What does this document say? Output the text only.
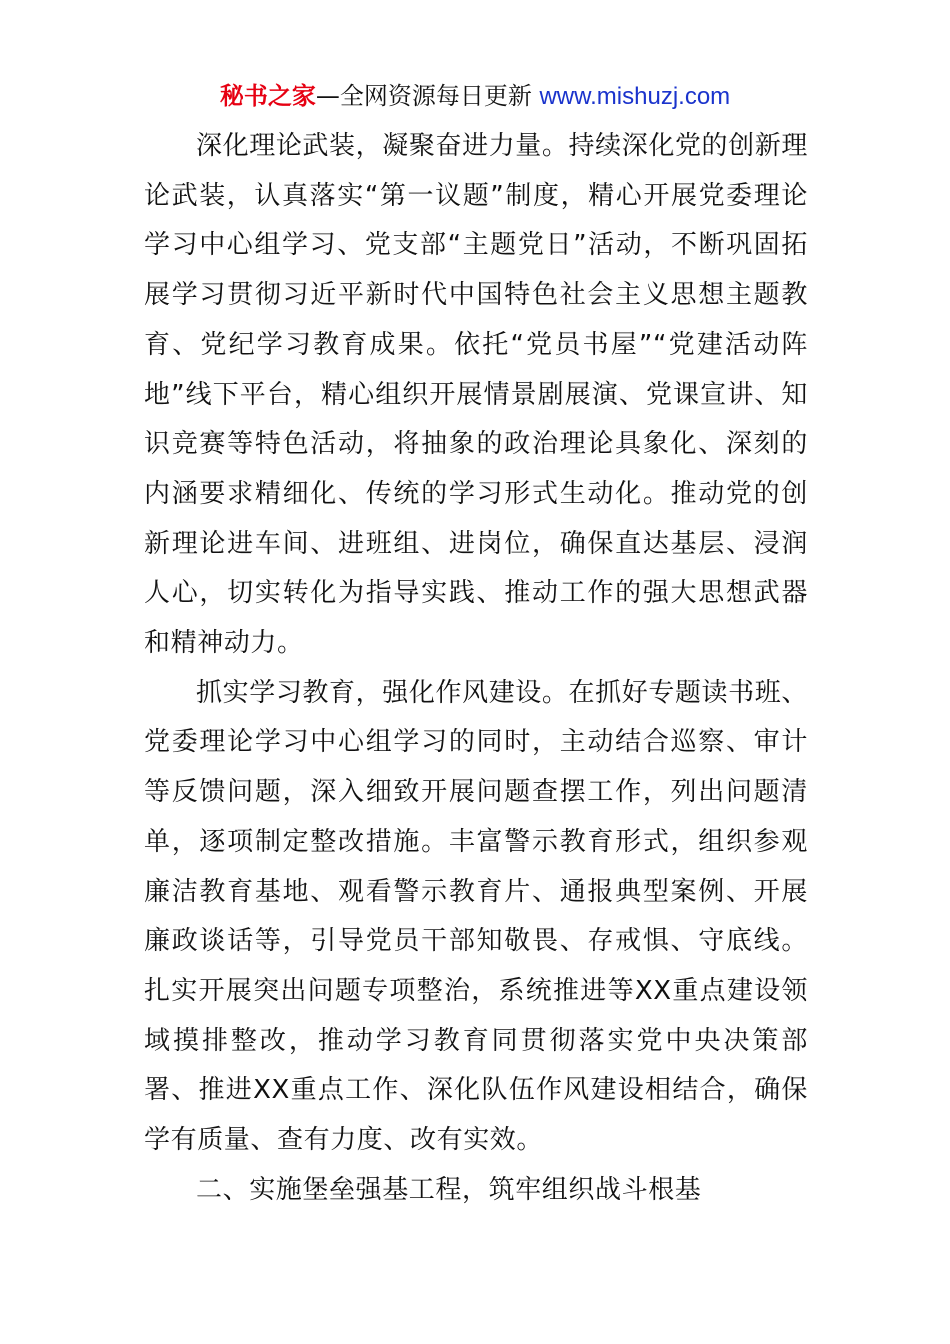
秘书之家—全网资源每日更新 www.mishuzj.com

深化理论武装，凝聚奋进力量。持续深化党的创新理论武装，认真落实“第一议题”制度，精心开展党委理论学习中心组学习、党支部“主题党日”活动，不断巩固拓展学习贯彻习近平新时代中国特色社会主义思想主题教育、党纪学习教育成果。依托“党员书屋”“党建活动阵地”线下平台，精心组织开展情景剧展演、党课宣讲、知识竞赛等特色活动，将抽象的政治理论具象化、深刻的内涵要求精细化、传统的学习形式生动化。推动党的创新理论进车间、进班组、进岗位，确保直达基层、浸润人心，切实转化为指导实践、推动工作的强大思想武器和精神动力。

抓实学习教育，强化作风建设。在抓好专题读书班、党委理论学习中心组学习的同时，主动结合巡察、审计等反馈问题，深入细致开展问题查摆工作，列出问题清单，逐项制定整改措施。丰富警示教育形式，组织参观廉洁教育基地、观看警示教育片、通报典型案例、开展廉政谈话等，引导党员干部知敬畏、存戒惧、守底线。扎实开展突出问题专项整治，系统推进等XX重点建设领域摸排整改，推动学习教育同贯彻落实党中央决策部署、推进XX重点工作、深化队伍作风建设相结合，确保学有质量、查有力度、改有实效。

二、实施堡垒强基工程，筑牢组织战斗根基
